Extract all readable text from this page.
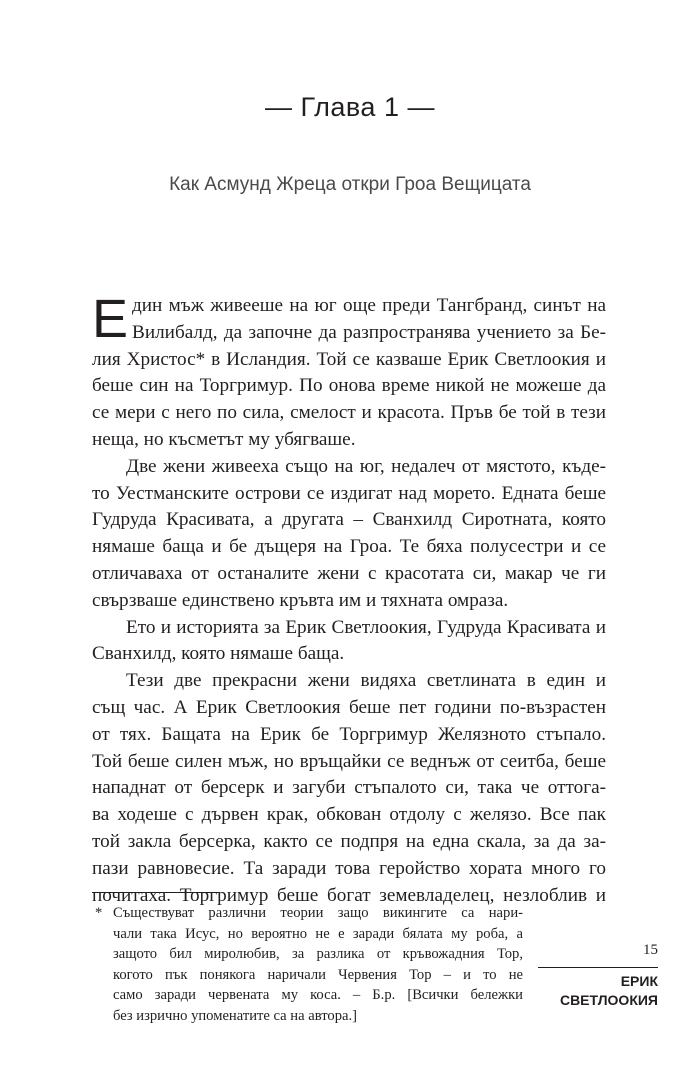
— Глава 1 —
Как Асмунд Жреца откри Гроа Вещицата

Един мъж живееше на юг още преди Тангбранд, синът на
Вилибалд, да започне да разпространява учението за Бе-
лия Христос* в Исландия. Той се казваше Ерик Светлоокия и
беше син на Торгримур. По онова време никой не можеше да
се мери с него по сила, смелост и красота. Пръв бе той в тези
неща, но късметът му убягваше.

Две жени живееха също на юг, недалеч от мястото, къде-
то Уестманските острови се издигат над морето. Едната беше
Гудруда Красивата, а другата – Сванхилд Сиротната, която
нямаше баща и бе дъщеря на Гроа. Те бяха полусестри и се
отличаваха от останалите жени с красотата си, макар че ги
свързваше единствено кръвта им и тяхната омраза.

Ето и историята за Ерик Светлоокия, Гудруда Красивата и
Сванхилд, която нямаше баща.

Тези две прекрасни жени видяха светлината в един и
същ час. А Ерик Светлоокия беше пет години по-възрастен
от тях. Бащата на Ерик бе Торгримур Желязното стъпало.
Той беше силен мъж, но връщайки се веднъж от сеитба, беше
нападнат от берсерк и загуби стъпалото си, така че оттога-
ва ходеше с дървен крак, обкован отдолу с желязо. Все пак
той закла берсерка, както се подпря на една скала, за да за-
пази равновесие. Та заради това геройство хората много го
почитаха. Торгримур беше богат земевладелец, незлоблив и

* Съществуват различни теории защо викингите са нари-
чали така Исус, но вероятно не е заради бялата му роба, а
защото бил миролюбив, за разлика от кръвожадния Тор,
когото пък понякога наричали Червения Тор – и то не
само заради червената му коса. – Б.р. [Всички бележки
без изрично упоменатите са на автора.]
15
ЕРИК
СВЕТЛООКИЯ
